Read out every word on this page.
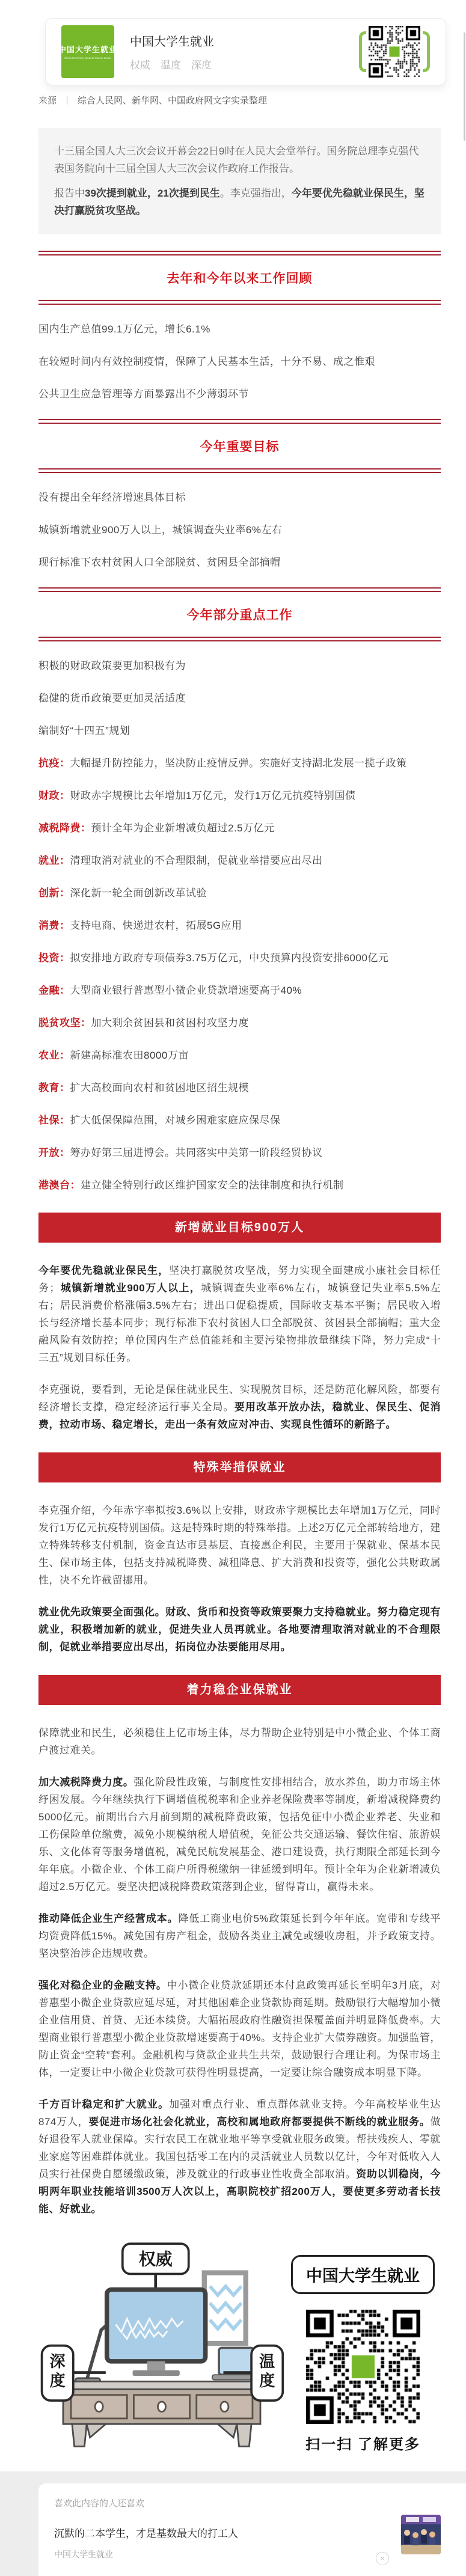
中国大学生就业
China University Student Career Guide
中国大学生就业
权威　温度　深度
来源 ｜ 综合人民网、新华网、中国政府网文字实录整理

十三届全国人大三次会议开幕会22日9时在人民大会堂举行。国务院总理李克强代表国务院向十三届全国人大三次会议作政府工作报告。

报告中39次提到就业，21次提到民生。李克强指出，今年要优先稳就业保民生，坚决打赢脱贫攻坚战。

去年和今年以来工作回顾

国内生产总值99.1万亿元，增长6.1%

在较短时间内有效控制疫情，保障了人民基本生活，十分不易、成之惟艰

公共卫生应急管理等方面暴露出不少薄弱环节

今年重要目标

没有提出全年经济增速具体目标

城镇新增就业900万人以上，城镇调查失业率6%左右

现行标准下农村贫困人口全部脱贫、贫困县全部摘帽

今年部分重点工作

积极的财政政策要更加积极有为

稳健的货币政策要更加灵活适度

编制好“十四五”规划

抗疫：大幅提升防控能力，坚决防止疫情反弹。实施好支持湖北发展一揽子政策

财政：财政赤字规模比去年增加1万亿元，发行1万亿元抗疫特别国债

减税降费：预计全年为企业新增减负超过2.5万亿元

就业：清理取消对就业的不合理限制，促就业举措要应出尽出

创新：深化新一轮全面创新改革试验

消费：支持电商、快递进农村，拓展5G应用

投资：拟安排地方政府专项债券3.75万亿元，中央预算内投资安排6000亿元

金融：大型商业银行普惠型小微企业贷款增速要高于40%

脱贫攻坚：加大剩余贫困县和贫困村攻坚力度

农业：新建高标准农田8000万亩

教育：扩大高校面向农村和贫困地区招生规模

社保：扩大低保保障范围，对城乡困难家庭应保尽保

开放：筹办好第三届进博会。共同落实中美第一阶段经贸协议

港澳台：建立健全特别行政区维护国家安全的法律制度和执行机制

新增就业目标900万人

今年要优先稳就业保民生，坚决打赢脱贫攻坚战，努力实现全面建成小康社会目标任务；城镇新增就业900万人以上，城镇调查失业率6%左右，城镇登记失业率5.5%左右；居民消费价格涨幅3.5%左右；进出口促稳提质，国际收支基本平衡；居民收入增长与经济增长基本同步；现行标准下农村贫困人口全部脱贫、贫困县全部摘帽；重大金融风险有效防控；单位国内生产总值能耗和主要污染物排放量继续下降，努力完成“十三五”规划目标任务。

李克强说，要看到，无论是保住就业民生、实现脱贫目标，还是防范化解风险，都要有经济增长支撑，稳定经济运行事关全局。要用改革开放办法，稳就业、保民生、促消费，拉动市场、稳定增长，走出一条有效应对冲击、实现良性循环的新路子。

特殊举措保就业

李克强介绍，今年赤字率拟按3.6%以上安排，财政赤字规模比去年增加1万亿元，同时发行1万亿元抗疫特别国债。这是特殊时期的特殊举措。上述2万亿元全部转给地方，建立特殊转移支付机制，资金直达市县基层、直接惠企利民，主要用于保就业、保基本民生、保市场主体，包括支持减税降费、减租降息、扩大消费和投资等，强化公共财政属性，决不允许截留挪用。

就业优先政策要全面强化。财政、货币和投资等政策要聚力支持稳就业。努力稳定现有就业，积极增加新的就业，促进失业人员再就业。各地要清理取消对就业的不合理限制，促就业举措要应出尽出，拓岗位办法要能用尽用。

着力稳企业保就业

保障就业和民生，必须稳住上亿市场主体，尽力帮助企业特别是中小微企业、个体工商户渡过难关。

加大减税降费力度。强化阶段性政策，与制度性安排相结合，放水养鱼，助力市场主体纾困发展。今年继续执行下调增值税税率和企业养老保险费率等制度，新增减税降费约5000亿元。前期出台六月前到期的减税降费政策，包括免征中小微企业养老、失业和工伤保险单位缴费，减免小规模纳税人增值税，免征公共交通运输、餐饮住宿、旅游娱乐、文化体育等服务增值税，减免民航发展基金、港口建设费，执行期限全部延长到今年年底。小微企业、个体工商户所得税缴纳一律延缓到明年。预计全年为企业新增减负超过2.5万亿元。要坚决把减税降费政策落到企业，留得青山，赢得未来。

推动降低企业生产经营成本。降低工商业电价5%政策延长到今年年底。宽带和专线平均资费降低15%。减免国有房产租金，鼓励各类业主减免或缓收房租，并予政策支持。坚决整治涉企违规收费。

强化对稳企业的金融支持。中小微企业贷款延期还本付息政策再延长至明年3月底，对普惠型小微企业贷款应延尽延，对其他困难企业贷款协商延期。鼓励银行大幅增加小微企业信用贷、首贷、无还本续贷。大幅拓展政府性融资担保覆盖面并明显降低费率。大型商业银行普惠型小微企业贷款增速要高于40%。支持企业扩大债券融资。加强监管，防止资金“空转”套利。金融机构与贷款企业共生共荣，鼓励银行合理让利。为保市场主体，一定要让中小微企业贷款可获得性明显提高，一定要让综合融资成本明显下降。

千方百计稳定和扩大就业。加强对重点行业、重点群体就业支持。今年高校毕业生达874万人，要促进市场化社会化就业，高校和属地政府都要提供不断线的就业服务。做好退役军人就业保障。实行农民工在就业地平等享受就业服务政策。帮扶残疾人、零就业家庭等困难群体就业。我国包括零工在内的灵活就业人员数以亿计，今年对低收入人员实行社保费自愿缓缴政策，涉及就业的行政事业性收费全部取消。资助以训稳岗，今明两年职业技能培训3500万人次以上，高职院校扩招200万人，要使更多劳动者长技能、好就业。

权威
深度
温度
中国大学生就业
扫一扫 了解更多
喜欢此内容的人还喜欢
沉默的二本学生，才是基数最大的打工人
中国大学生就业	×
